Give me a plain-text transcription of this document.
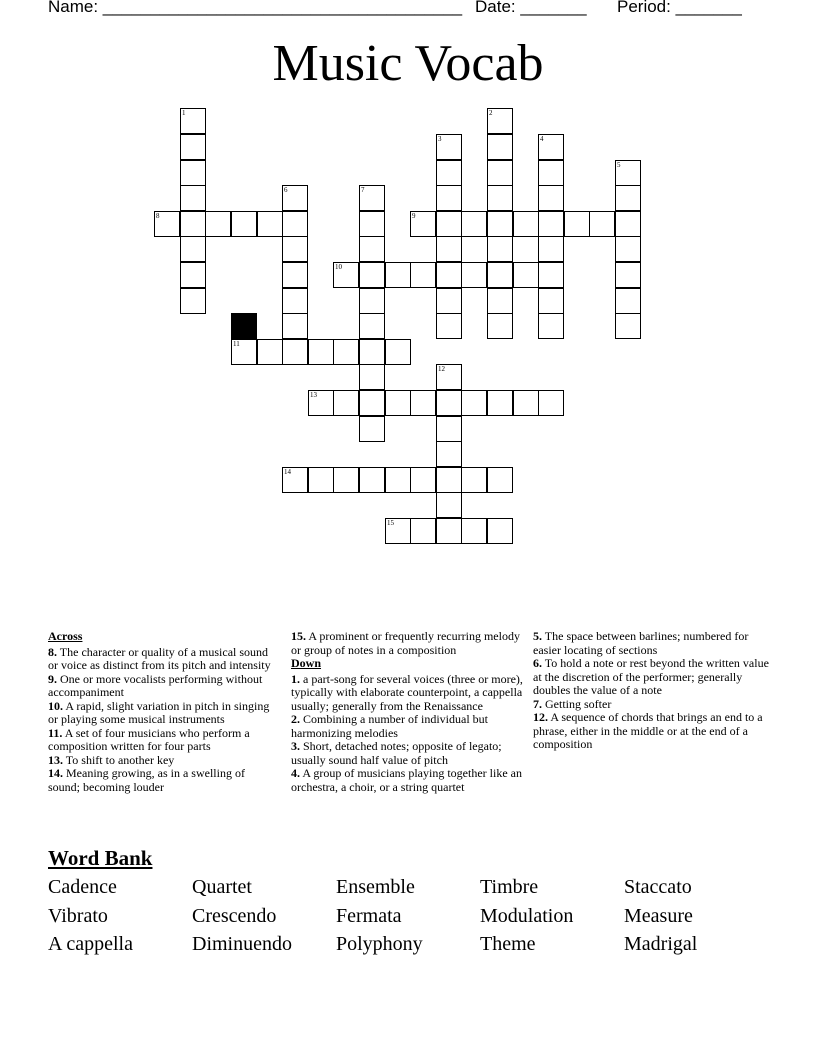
Name: ______________________________________ Date: _______ Period: _______
Music Vocab
1	2
3	4
5
6	7
8	9
10
11
12
13
14
15
Across

8. The character or quality of a musical sound or voice as distinct from its pitch and intensity

9. One or more vocalists performing without accompaniment

10. A rapid, slight variation in pitch in singing or playing some musical instruments

11. A set of four musicians who perform a composition written for four parts

13. To shift to another key

14. Meaning growing, as in a swelling of sound; becoming louder

15. A prominent or frequently recurring melody or group of notes in a composition

Down

1. a part-song for several voices (three or more), typically with elaborate counterpoint, a cappella usually; generally from the Renaissance

2. Combining a number of individual but harmonizing melodies

3. Short, detached notes; opposite of legato; usually sound half value of pitch

4. A group of musicians playing together like an orchestra, a choir, or a string quartet

5. The space between barlines; numbered for easier locating of sections

6. To hold a note or rest beyond the written value at the discretion of the performer; generally doubles the value of a note

7. Getting softer

12. A sequence of chords that brings an end to a phrase, either in the middle or at the end of a composition

Word Bank
Cadence	Quartet	Ensemble	Timbre	Staccato
Vibrato	Crescendo	Fermata	Modulation	Measure
A cappella	Diminuendo Polyphony	Theme	Madrigal
